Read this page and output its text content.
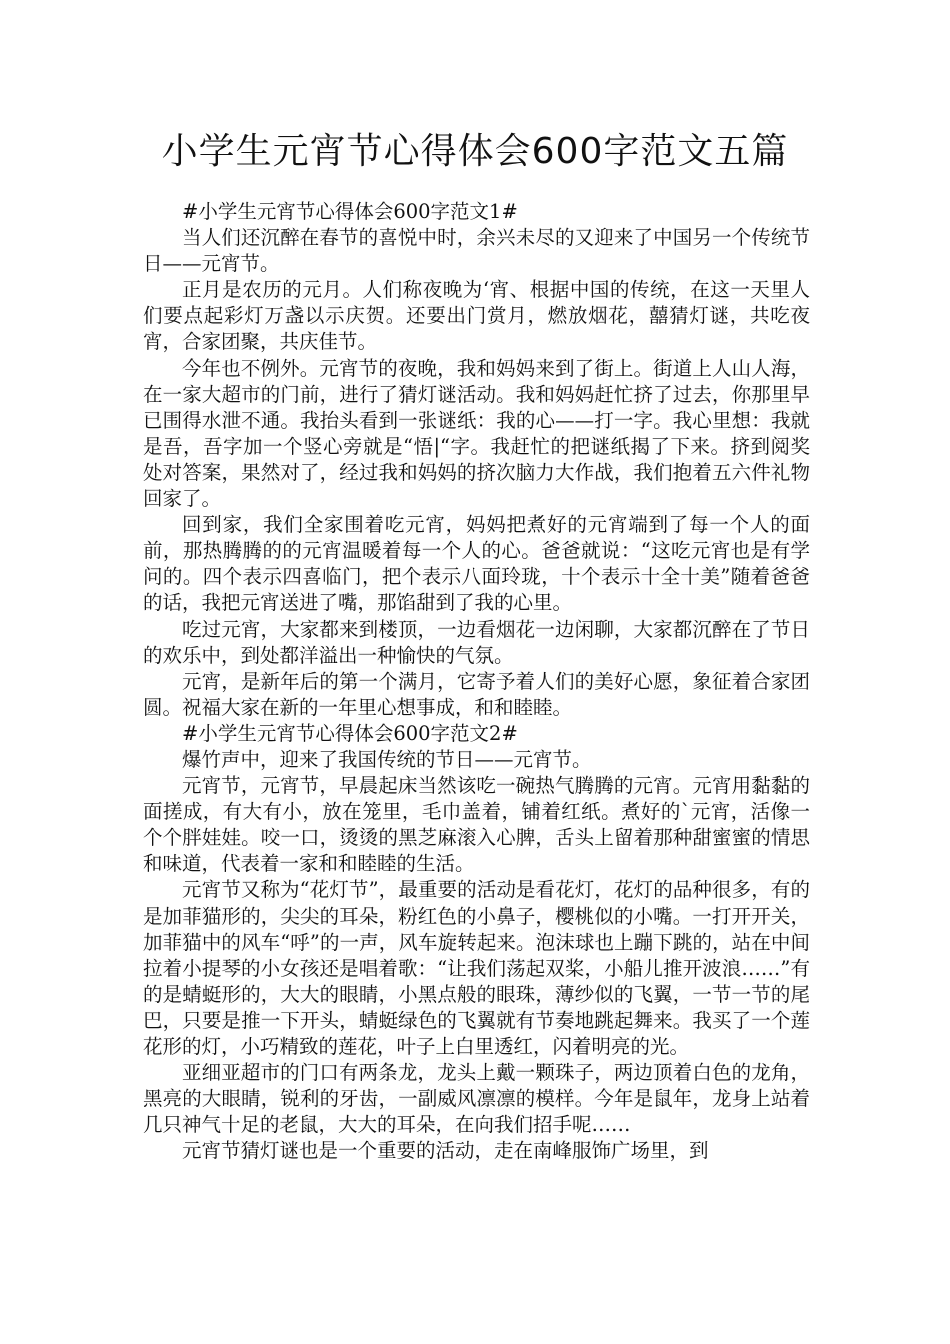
小学生元宵节心得体会600字范文五篇

#小学生元宵节心得体会600字范文1#

当人们还沉醉在春节的喜悦中时，余兴未尽的又迎来了中国另一个传统节日——元宵节。

正月是农历的元月。人们称夜晚为‘宵、根据中国的传统，在这一天里人们要点起彩灯万盏以示庆贺。还要出门赏月，燃放烟花，囍猜灯谜，共吃夜宵，合家团聚，共庆佳节。

今年也不例外。元宵节的夜晚，我和妈妈来到了街上。街道上人山人海，在一家大超市的门前，进行了猜灯谜活动。我和妈妈赶忙挤了过去，你那里早已围得水泄不通。我抬头看到一张谜纸：我的心——打一字。我心里想：我就是吾，吾字加一个竖心旁就是“悟|“字。我赶忙的把谜纸揭了下来。挤到阅奖处对答案，果然对了，经过我和妈妈的挤次脑力大作战，我们抱着五六件礼物回家了。

回到家，我们全家围着吃元宵，妈妈把煮好的元宵端到了每一个人的面前，那热腾腾的的元宵温暖着每一个人的心。爸爸就说：“这吃元宵也是有学问的。四个表示四喜临门，把个表示八面玲珑，十个表示十全十美”随着爸爸的话，我把元宵送进了嘴，那馅甜到了我的心里。

吃过元宵，大家都来到楼顶，一边看烟花一边闲聊，大家都沉醉在了节日的欢乐中，到处都洋溢出一种愉快的气氛。

元宵，是新年后的第一个满月，它寄予着人们的美好心愿，象征着合家团圆。祝福大家在新的一年里心想事成，和和睦睦。

#小学生元宵节心得体会600字范文2#

爆竹声中，迎来了我国传统的节日——元宵节。

元宵节，元宵节，早晨起床当然该吃一碗热气腾腾的元宵。元宵用黏黏的面搓成，有大有小，放在笼里，毛巾盖着，铺着红纸。煮好的`元宵，活像一个个胖娃娃。咬一口，烫烫的黑芝麻滚入心脾，舌头上留着那种甜蜜蜜的情思和味道，代表着一家和和睦睦的生活。

元宵节又称为“花灯节”，最重要的活动是看花灯，花灯的品种很多，有的是加菲猫形的，尖尖的耳朵，粉红色的小鼻子，樱桃似的小嘴。一打开开关，加菲猫中的风车“呼”的一声，风车旋转起来。泡沫球也上蹦下跳的，站在中间拉着小提琴的小女孩还是唱着歌：“让我们荡起双桨，小船儿推开波浪……”有的是蜻蜓形的，大大的眼睛，小黑点般的眼珠，薄纱似的飞翼，一节一节的尾巴，只要是推一下开头，蜻蜓绿色的飞翼就有节奏地跳起舞来。我买了一个莲花形的灯，小巧精致的莲花，叶子上白里透红，闪着明亮的光。

亚细亚超市的门口有两条龙，龙头上戴一颗珠子，两边顶着白色的龙角，黑亮的大眼睛，锐利的牙齿，一副威风凛凛的模样。今年是鼠年，龙身上站着几只神气十足的老鼠，大大的耳朵，在向我们招手呢……

元宵节猜灯谜也是一个重要的活动，走在南峰服饰广场里，到
